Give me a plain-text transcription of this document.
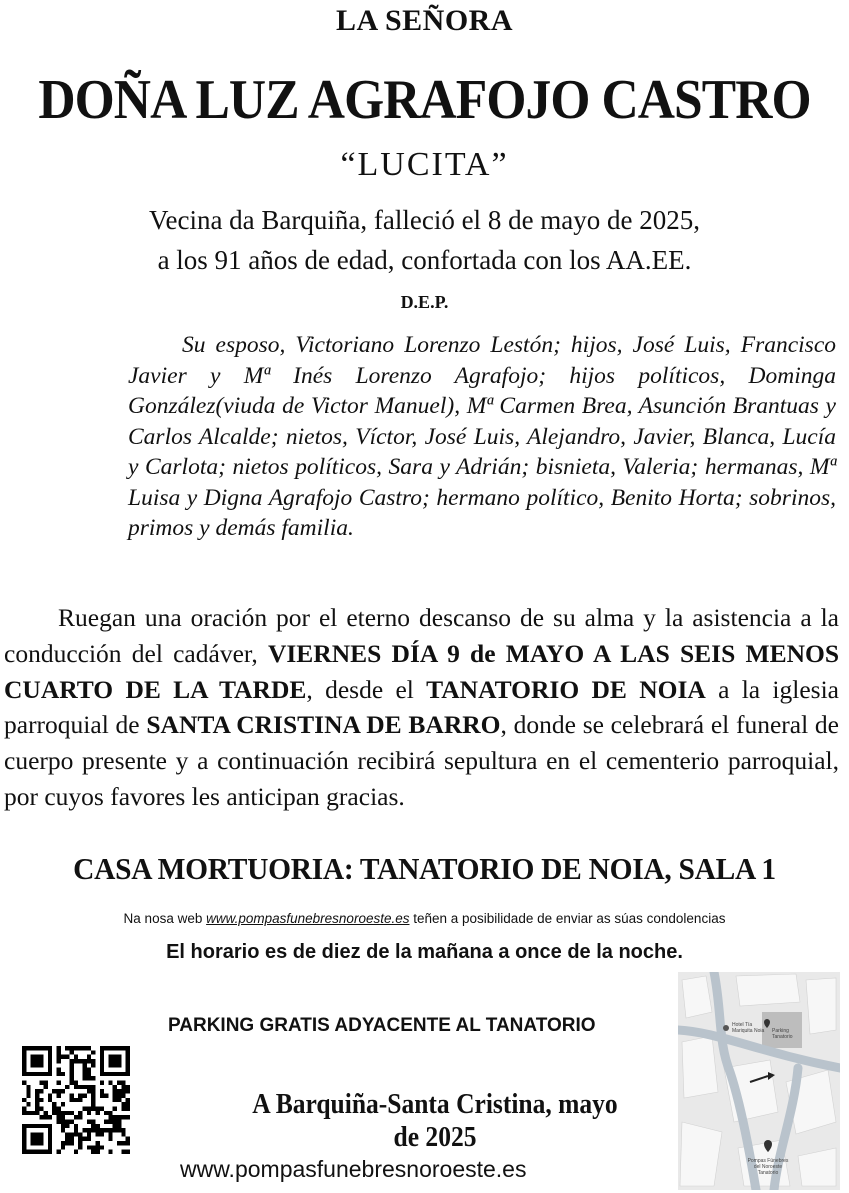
LA SEÑORA
DOÑA LUZ AGRAFOJO CASTRO
“LUCITA”
Vecina da Barquiña, falleció el 8 de mayo de 2025,
a los 91 años de edad, confortada con los AA.EE.
D.E.P.

Su esposo, Victoriano Lorenzo Lestón; hijos, José Luis, Francisco Javier y Mª Inés Lorenzo Agrafojo; hijos políticos, Dominga González(viuda de Victor Manuel), Mª Carmen Brea, Asunción Brantuas y Carlos Alcalde; nietos, Víctor, José Luis, Alejandro, Javier, Blanca, Lucía y Carlota; nietos políticos, Sara y Adrián; bisnieta, Valeria; hermanas, Mª Luisa y Digna Agrafojo Castro; hermano político, Benito Horta; sobrinos, primos y demás familia.

Ruegan una oración por el eterno descanso de su alma y la asistencia a la conducción del cadáver, VIERNES DÍA 9 de MAYO A LAS SEIS MENOS CUARTO DE LA TARDE, desde el TANATORIO DE NOIA a la iglesia parroquial de SANTA CRISTINA DE BARRO, donde se celebrará el funeral de cuerpo presente y a continuación recibirá sepultura en el cementerio parroquial, por cuyos favores les anticipan gracias.

CASA MORTUORIA: TANATORIO DE NOIA, SALA 1
Na nosa web www.pompasfunebresnoroeste.es teñen a posibilidade de enviar as súas condolencias
El horario es de diez de la mañana a once de la noche.
PARKING GRATIS ADYACENTE AL TANATORIO
A Barquiña-Santa Cristina, mayo de 2025
www.pompasfunebresnoroeste.es
Hotel Tía
Mariquita Noia Parking
Tanatorio
Pompas Fúnebres
del Noroeste
Tanatorio
